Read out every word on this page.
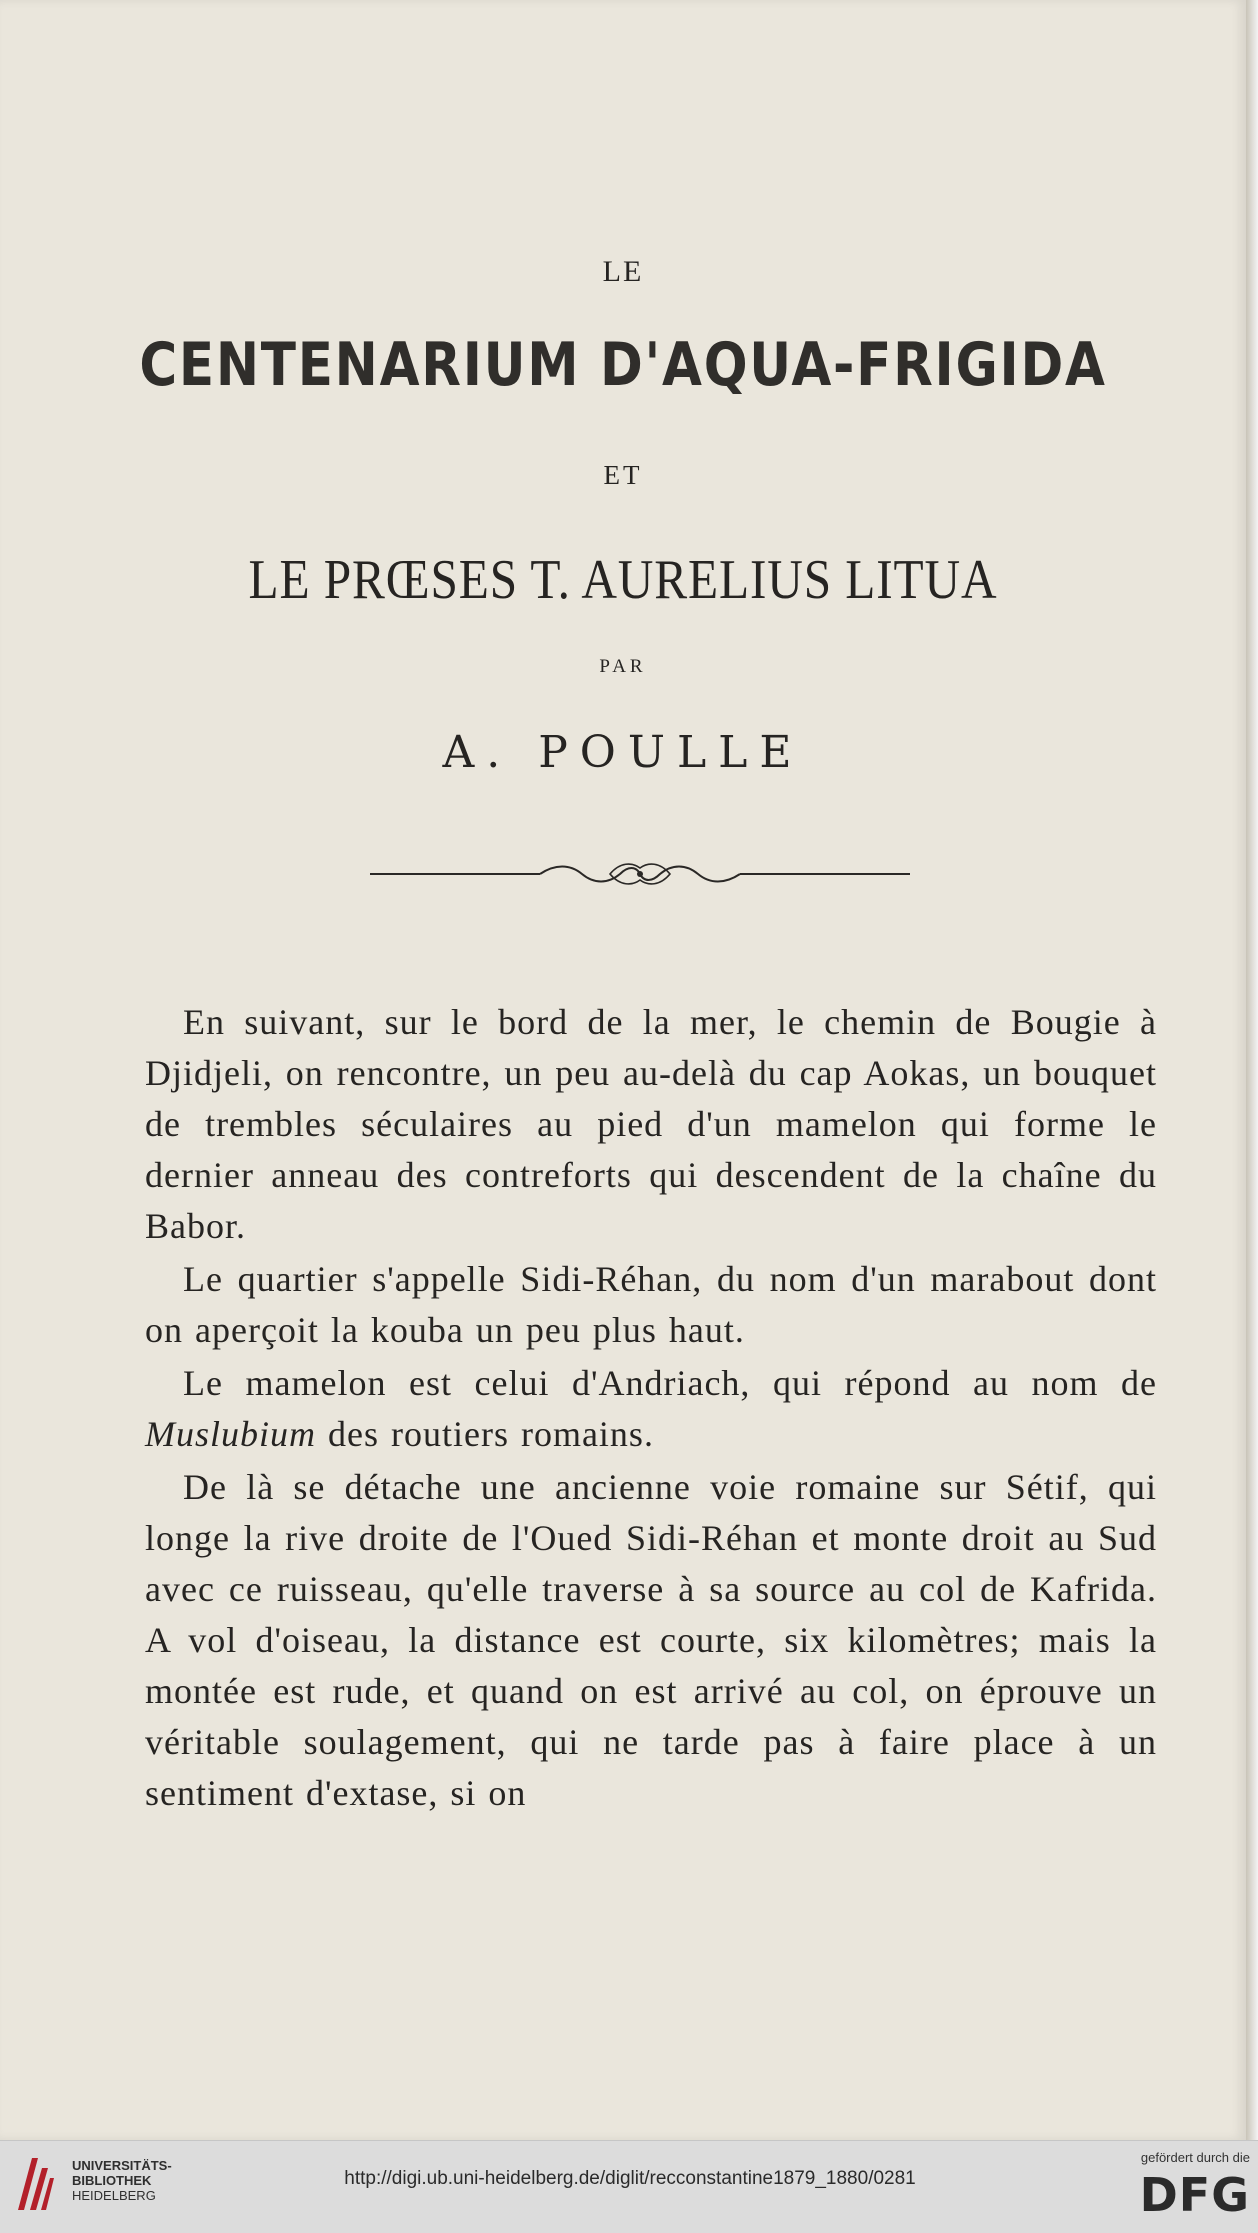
LE
CENTENARIUM D'AQUA-FRIGIDA
ET
LE PRŒSES T. AURELIUS LITUA
PAR
A. POULLE

En suivant, sur le bord de la mer, le chemin de Bougie à Djidjeli, on rencontre, un peu au-delà du cap Aokas, un bouquet de trembles séculaires au pied d'un mamelon qui forme le dernier anneau des contreforts qui descendent de la chaîne du Babor.

Le quartier s'appelle Sidi-Réhan, du nom d'un marabout dont on aperçoit la kouba un peu plus haut.

Le mamelon est celui d'Andriach, qui répond au nom de Muslubium des routiers romains.

De là se détache une ancienne voie romaine sur Sétif, qui longe la rive droite de l'Oued Sidi-Réhan et monte droit au Sud avec ce ruisseau, qu'elle traverse à sa source au col de Kafrida. A vol d'oiseau, la distance est courte, six kilomètres; mais la montée est rude, et quand on est arrivé au col, on éprouve un véritable soulagement, qui ne tarde pas à faire place à un sentiment d'extase, si on

UNIVERSITÄTS-
BIBLIOTHEK
HEIDELBERG
http://digi.ub.uni-heidelberg.de/diglit/recconstantine1879_1880/0281
gefördert durch die
DFG
